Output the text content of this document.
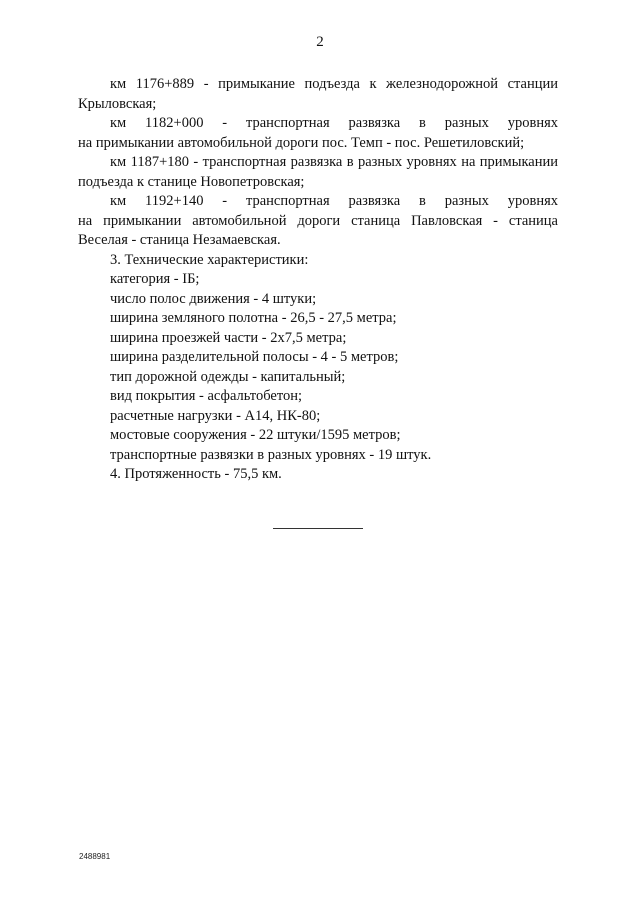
2

км 1176+889 - примыкание подъезда к железнодорожной станции Крыловская;

км 1182+000 - транспортная развязка в разных уровнях
на примыкании автомобильной дороги пос. Темп - пос. Решетиловский;

км 1187+180 - транспортная развязка в разных уровнях на примыкании подъезда к станице Новопетровская;

км 1192+140 - транспортная развязка в разных уровнях
на примыкании автомобильной дороги станица Павловская - станица
Веселая - станица Незамаевская.

3. Технические характеристики:

категория - IБ;

число полос движения - 4 штуки;

ширина земляного полотна - 26,5 - 27,5 метра;

ширина проезжей части - 2х7,5 метра;

ширина разделительной полосы - 4 - 5 метров;

тип дорожной одежды - капитальный;

вид покрытия - асфальтобетон;

расчетные нагрузки - А14, НК-80;

мостовые сооружения - 22 штуки/1595 метров;

транспортные развязки в разных уровнях - 19 штук.

4. Протяженность - 75,5 км.

2488981
